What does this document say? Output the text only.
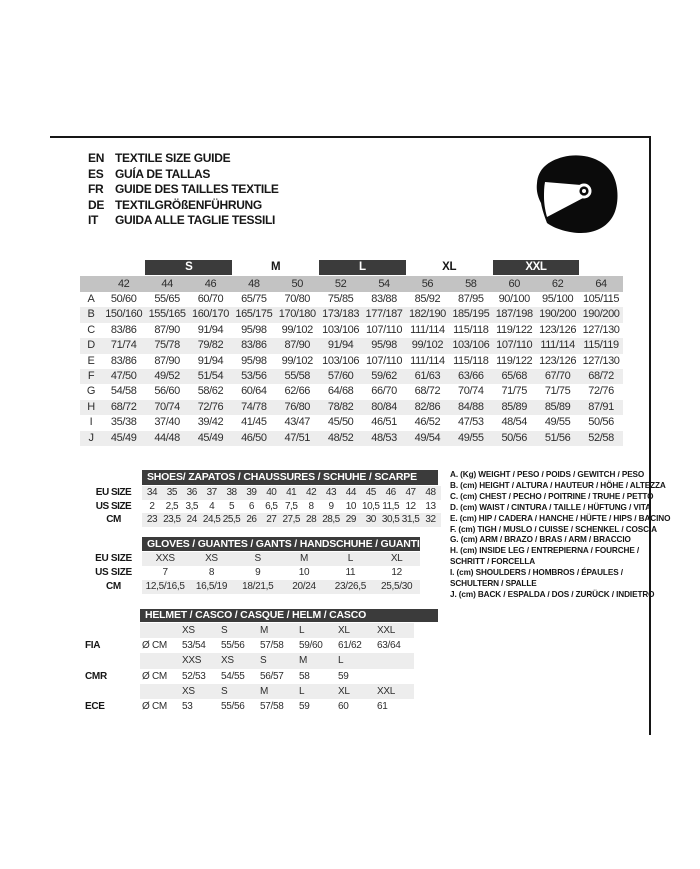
EN TEXTILE SIZE GUIDE
ES GUÍA DE TALLAS
FR GUIDE DES TAILLES TEXTILE
DE TEXTILGRÖßENFÜHRUNG
IT	GUIDA ALLE TAGLIE TESSILI
		S		M		L		XL		XXL		
	42	44	46	48	50	52	54	56	58	60	62	64
A	50/60	55/65	60/70	65/75	70/80	75/85	83/88	85/92	87/95	90/100	95/100	105/115
B	150/160	155/165	160/170	165/175	170/180	173/183	177/187	182/190	185/195	187/198	190/200	190/200
C	83/86	87/90	91/94	95/98	99/102	103/106	107/110	111/114	115/118	119/122	123/126	127/130
D	71/74	75/78	79/82	83/86	87/90	91/94	95/98	99/102	103/106	107/110	111/114	115/119
E	83/86	87/90	91/94	95/98	99/102	103/106	107/110	111/114	115/118	119/122	123/126	127/130
F	47/50	49/52	51/54	53/56	55/58	57/60	59/62	61/63	63/66	65/68	67/70	68/72
G	54/58	56/60	58/62	60/64	62/66	64/68	66/70	68/72	70/74	71/75	71/75	72/76
H	68/72	70/74	72/76	74/78	76/80	78/82	80/84	82/86	84/88	85/89	85/89	87/91
I	35/38	37/40	39/42	41/45	43/47	45/50	46/51	46/52	47/53	48/54	49/55	50/56
J	45/49	44/48	45/49	46/50	47/51	48/52	48/53	49/54	49/55	50/56	51/56	52/58
SHOES/ ZAPATOS / CHAUSSURES / SCHUHE / SCARPE
EU SIZE	34	35	36	37	38	39	40	41	42	43	44	45	46	47	48
US SIZE	2	2,5	3,5	4	5	6	6,5	7,5	8	9	10	10,5	11,5	12	13
CM	23	23,5	24	24,5	25,5	26	27	27,5	28	28,5	29	30	30,5	31,5	32
GLOVES / GUANTES / GANTS / HANDSCHUHE / GUANTI
EU SIZE	XXS	XS	S	M	L	XL
US SIZE	7	8	9	10	11	12
CM	12,5/16,5	16,5/19	18/21,5	20/24	23/26,5	25,5/30
HELMET / CASCO / CASQUE / HELM / CASCO
		XS	S	M	L	XL	XXL
FIA	Ø CM	53/54	55/56	57/58	59/60	61/62	63/64
		XXS	XS	S	M	L	
CMR	Ø CM	52/53	54/55	56/57	58	59	
		XS	S	M	L	XL	XXL
ECE	Ø CM	53	55/56	57/58	59	60	61
A. (Kg) WEIGHT / PESO / POIDS / GEWITCH / PESO
B. (cm) HEIGHT / ALTURA / HAUTEUR / HÖHE / ALTEZZA
C. (cm) CHEST / PECHO / POITRINE / TRUHE / PETTO
D. (cm) WAIST / CINTURA / TAILLE / HÜFTUNG / VITA
E. (cm) HIP / CADERA / HANCHE / HÜFTE / HIPS / BACINO
F. (cm) TIGH / MUSLO / CUISSE / SCHENKEL / COSCIA
G. (cm) ARM / BRAZO / BRAS / ARM / BRACCIO
H. (cm) INSIDE LEG / ENTREPIERNA / FOURCHE /
SCHRITT / FORCELLA
I. (cm) SHOULDERS / HOMBROS / ÉPAULES /
SCHULTERN / SPALLE
J. (cm) BACK / ESPALDA / DOS / ZURÜCK / INDIETRO
